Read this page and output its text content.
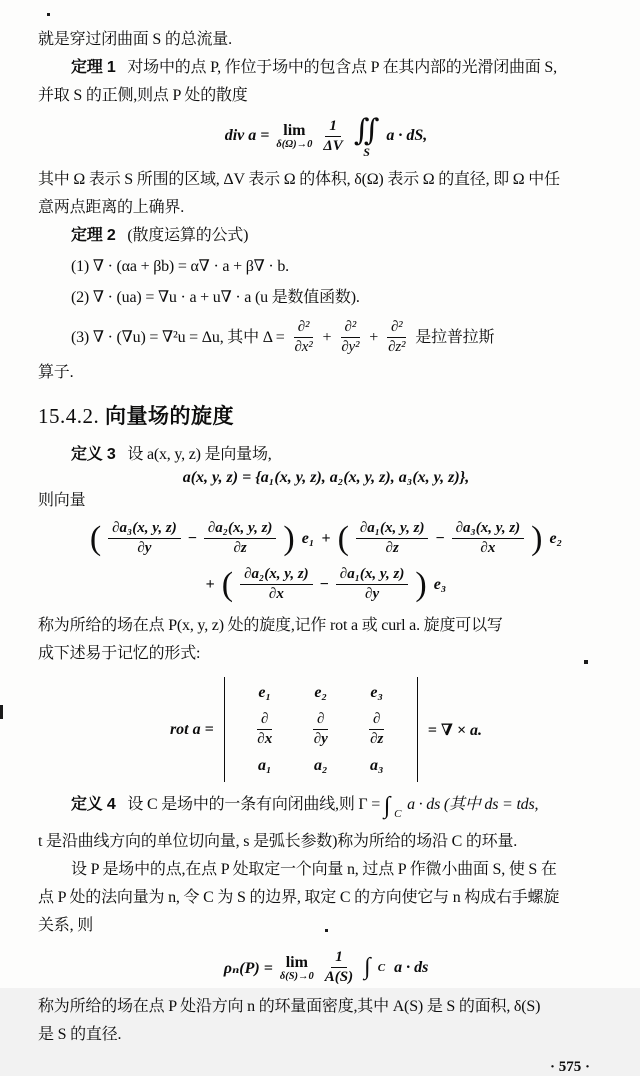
就是穿过闭曲面 S 的总流量.
定理 1 对场中的点 P, 作位于场中的包含点 P 在其内部的光滑闭曲面 S,
并取 S 的正侧,则点 P 处的散度
div a = lim
$\delta(\Omega)\to 0 \frac{1}{\Delta V}$ ∬
S
a · dS,
其中 Ω 表示 S 所围的区域, ΔV 表示 Ω 的体积, δ(Ω) 表示 Ω 的直径, 即 Ω 中任
意两点距离的上确界.
定理 2 (散度运算的公式)
(1) ∇ · (αa + βb) = α∇ · a + β∇ · b.
(2) ∇ · (ua) = ∇u · a + u∇ · a (u 是数值函数).
(3) ∇ · (∇u) = ∇²u = Δu, 其中 $\Delta = \frac{\text{∂²}}{\text{∂x²}} + \frac{\text{∂²}}{\text{∂y²}} + \frac{\text{∂²}}{\text{∂z²}}$ 是拉普拉斯
算子.
15.4.2. 向量场的旋度
定义 3 设 a(x, y, z) 是向量场,
a(x, y, z) = {a₁(x, y, z), a₂(x, y, z), a₃(x, y, z)},
则向量
( $\frac{\text{∂a₃(x, y, z)}}{\partial y} - \frac{\text{∂a₂(x, y, z)}}{\partial z}$ ) e₁ + ( $\frac{\text{∂a₁(x, y, z)}}{\partial z} - \frac{\text{∂a₃(x, y, z)}}{\partial x}$ ) e₂
+ ( $\frac{\text{∂a₂(x, y, z)}}{\partial x} - \frac{\text{∂a₁(x, y, z)}}{\partial y}$ ) e₃
称为所给的场在点 P(x, y, z) 处的旋度,记作 rot a 或 curl a. 旋度可以写
成下述易于记忆的形式:
rot a =
e₁	e₂	e₃
$\frac{\partial}{\partial x} \frac{\partial}{\partial y} \frac{\partial}{\partial z}$
a₁	a₂	a₃
= ∇ × a.
定义 4 设 C 是场中的一条有向闭曲线,则 Γ = ∫ $_C$ a · ds (其中 ds = tds,
t 是沿曲线方向的单位切向量, s 是弧长参数)称为所给的场沿 C 的环量.
设 P 是场中的点,在点 P 处取定一个向量 n, 过点 P 作微小曲面 S, 使 S 在
点 P 处的法向量为 n, 令 C 为 S 的边界, 取定 C 的方向使它与 n 构成右手螺旋
关系, 则
ρₙ(P) = lim
$\delta(S)\to 0 \frac{1}{A(S)}$ ∫ C a · ds
称为所给的场在点 P 处沿方向 n 的环量面密度,其中 A(S) 是 S 的面积, δ(S)
是 S 的直径.
· 575 ·
